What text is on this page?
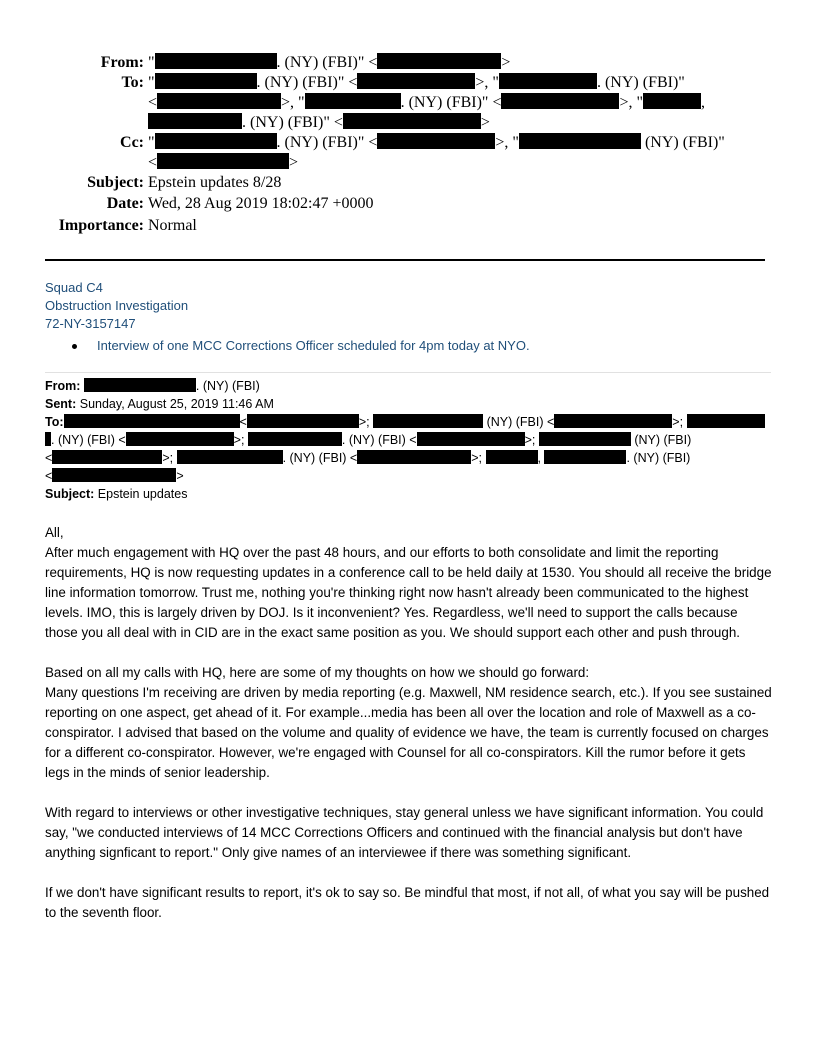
From: "	. (NY) (FBI)" <	>
To: "	. (NY) (FBI)" <	>, "	. (NY) (FBI)"
<	>, "	. (NY) (FBI)" <	>, "	,
. (NY) (FBI)" <	>
Cc: "	. (NY) (FBI)" <	>, "	(NY) (FBI)"
<	>
Subject: Epstein updates 8/28
Date: Wed, 28 Aug 2019 18:02:47 +0000
Importance: Normal
Squad C4
Obstruction Investigation
72-NY-3157147
Interview of one MCC Corrections Officer scheduled for 4pm today at NYO.
From:	. (NY) (FBI)
Sent: Sunday, August 25, 2019 11:46 AM
To:	<	>;	(NY) (FBI) <	>;
. (NY) (FBI) <	>;	. (NY) (FBI) <	>;	(NY) (FBI)
<	>;	. (NY) (FBI) <	>;	,	. (NY) (FBI)
<	>
Subject: Epstein updates

All,

After much engagement with HQ over the past 48 hours, and our efforts to both consolidate and limit the reporting requirements, HQ is now requesting updates in a conference call to be held daily at 1530. You should all receive the bridge line information tomorrow. Trust me, nothing you're thinking right now hasn't already been communicated to the highest levels. IMO, this is largely driven by DOJ. Is it inconvenient? Yes. Regardless, we'll need to support the calls because those you all deal with in CID are in the exact same position as you. We should support each other and push through.

Based on all my calls with HQ, here are some of my thoughts on how we should go forward:

Many questions I'm receiving are driven by media reporting (e.g. Maxwell, NM residence search, etc.). If you see sustained reporting on one aspect, get ahead of it. For example...media has been all over the location and role of Maxwell as a co-conspirator. I advised that based on the volume and quality of evidence we have, the team is currently focused on charges for a different co-conspirator. However, we're engaged with Counsel for all co-conspirators. Kill the rumor before it gets legs in the minds of senior leadership.

With regard to interviews or other investigative techniques, stay general unless we have significant information. You could say, "we conducted interviews of 14 MCC Corrections Officers and continued with the financial analysis but don't have anything signficant to report." Only give names of an interviewee if there was something significant.

If we don't have significant results to report, it's ok to say so. Be mindful that most, if not all, of what you say will be pushed to the seventh floor.
